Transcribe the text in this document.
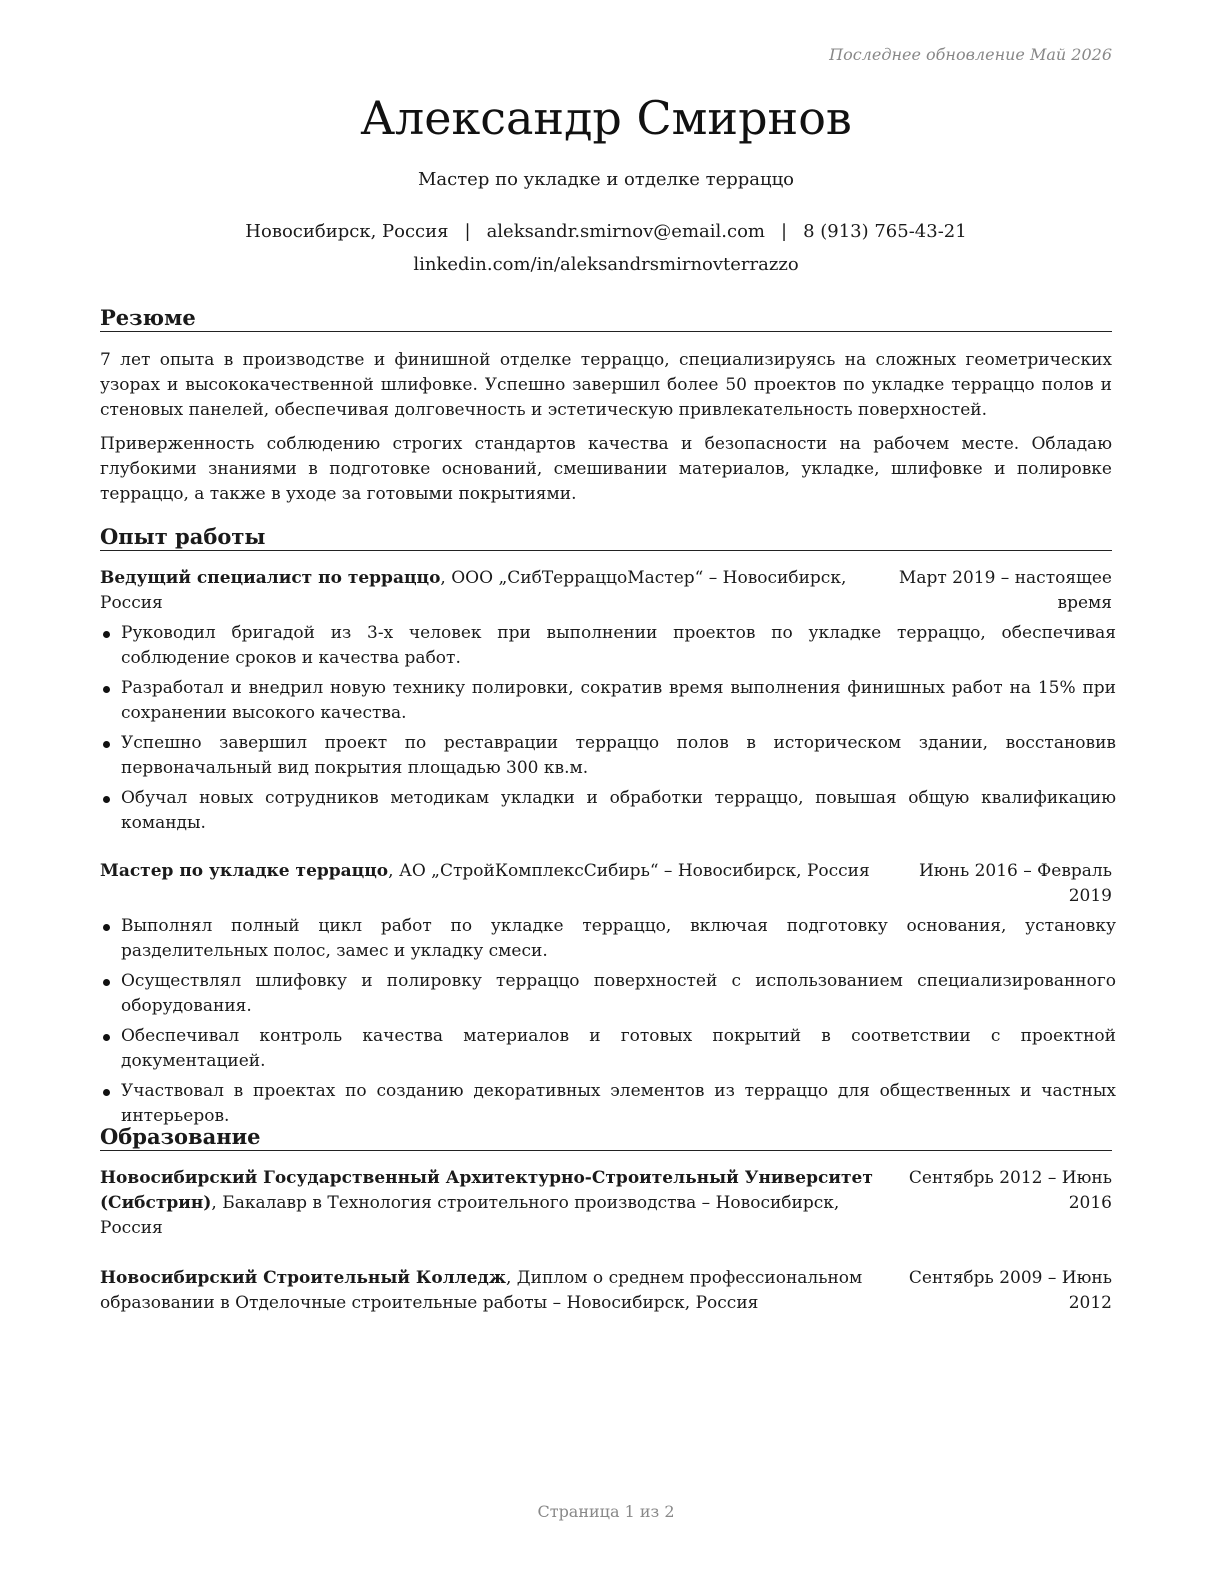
Последнее обновление Май 2026
Александр Смирнов
Мастер по укладке и отделке терраццо
Новосибирск, Россия | aleksandr.smirnov@email.com | 8 (913) 765-43-21
linkedin.com/in/aleksandrsmirnovterrazzo
Резюме
7 лет опыта в производстве и финишной отделке терраццо, специализируясь на сложных геометрических узорах и высококачественной шлифовке. Успешно завершил более 50 проектов по укладке терраццо полов и стеновых панелей, обеспечивая долговечность и эстетическую привлекательность поверхностей.
Приверженность соблюдению строгих стандартов качества и безопасности на рабочем месте. Обладаю глубокими знаниями в подготовке оснований, смешивании материалов, укладке, шлифовке и полировке терраццо, а также в уходе за готовыми покрытиями.
Опыт работы
Ведущий специалист по терраццо, ООО „СибТерраццоМастер“ – Новосибирск,	Март 2019 – настоящее
Россия	время
Руководил бригадой из 3-х человек при выполнении проектов по укладке терраццо, обеспечивая соблюдение сроков и качества работ.
Разработал и внедрил новую технику полировки, сократив время выполнения финишных работ на 15% при сохранении высокого качества.
Успешно завершил проект по реставрации терраццо полов в историческом здании, восстановив первоначальный вид покрытия площадью 300 кв.м.
Обучал новых сотрудников методикам укладки и обработки терраццо, повышая общую квалификацию команды.
Мастер по укладке терраццо, АО „СтройКомплексСибирь“ – Новосибирск, Россия	Июнь 2016 – Февраль
2019
Выполнял полный цикл работ по укладке терраццо, включая подготовку основания, установку разделительных полос, замес и укладку смеси.
Осуществлял шлифовку и полировку терраццо поверхностей с использованием специализированного оборудования.
Обеспечивал контроль качества материалов и готовых покрытий в соответствии с проектной документацией.
Участвовал в проектах по созданию декоративных элементов из терраццо для общественных и частных интерьеров.
Образование
Новосибирский Государственный Архитектурно-Строительный Университет Сентябрь 2012 – Июнь
(Сибстрин), Бакалавр в Технология строительного производства – Новосибирск,	2016
Россия
Новосибирский Строительный Колледж, Диплом о среднем профессиональном	Сентябрь 2009 – Июнь
образовании в Отделочные строительные работы – Новосибирск, Россия	2012
Страница 1 из 2
